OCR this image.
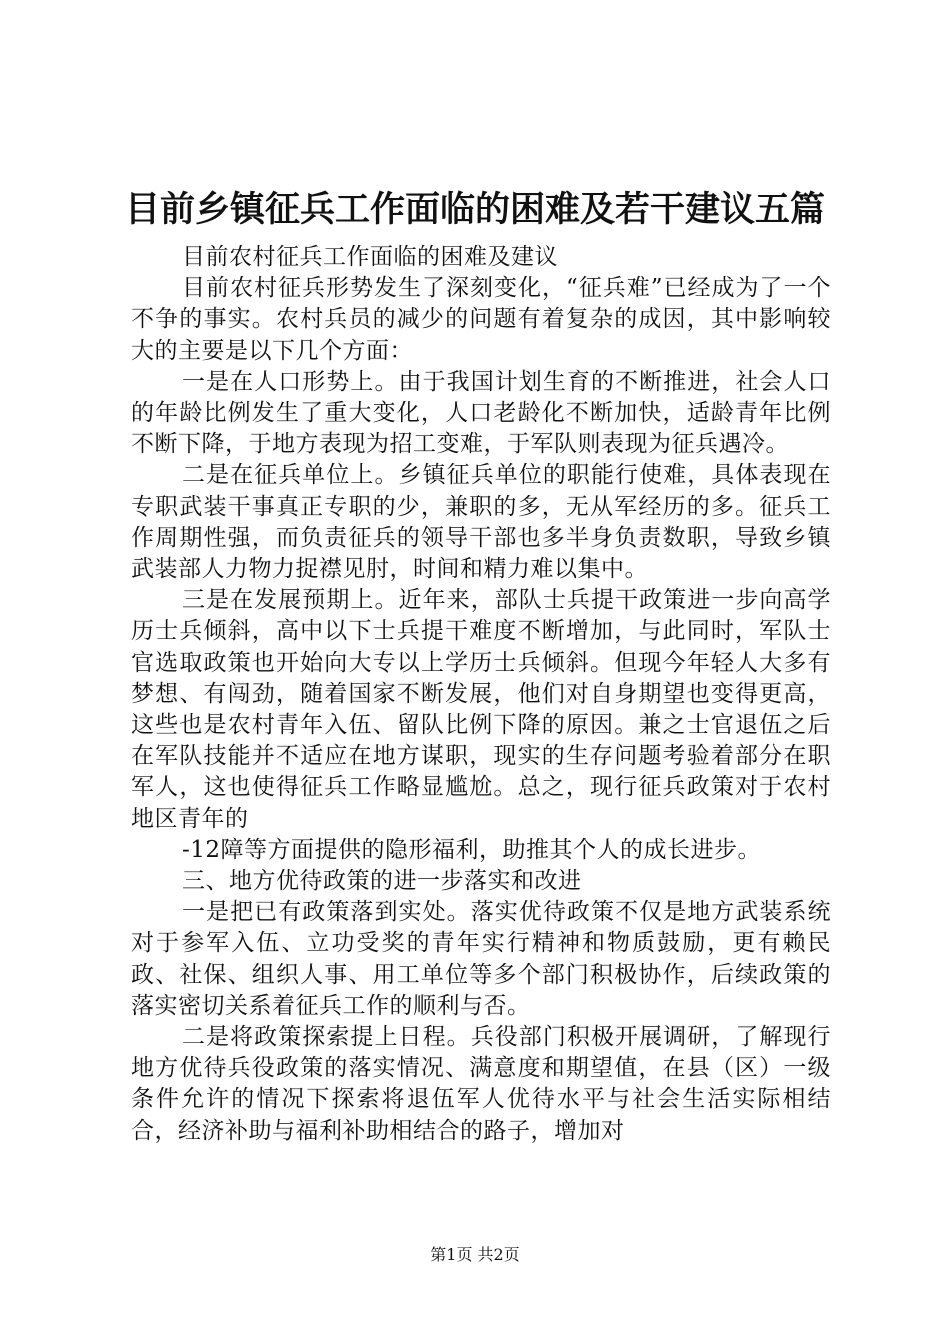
目前乡镇征兵工作面临的困难及若干建议五篇

目前农村征兵工作面临的困难及建议

目前农村征兵形势发生了深刻变化，“征兵难”已经成为了一个不争的事实。农村兵员的减少的问题有着复杂的成因，其中影响较大的主要是以下几个方面：

一是在人口形势上。由于我国计划生育的不断推进，社会人口的年龄比例发生了重大变化，人口老龄化不断加快，适龄青年比例不断下降，于地方表现为招工变难，于军队则表现为征兵遇冷。

二是在征兵单位上。乡镇征兵单位的职能行使难，具体表现在专职武装干事真正专职的少，兼职的多，无从军经历的多。征兵工作周期性强，而负责征兵的领导干部也多半身负责数职，导致乡镇武装部人力物力捉襟见肘，时间和精力难以集中。

三是在发展预期上。近年来，部队士兵提干政策进一步向高学历士兵倾斜，高中以下士兵提干难度不断增加，与此同时，军队士官选取政策也开始向大专以上学历士兵倾斜。但现今年轻人大多有梦想、有闯劲，随着国家不断发展，他们对自身期望也变得更高，这些也是农村青年入伍、留队比例下降的原因。兼之士官退伍之后在军队技能并不适应在地方谋职，现实的生存问题考验着部分在职军人，这也使得征兵工作略显尴尬。总之，现行征兵政策对于农村地区青年的

-12障等方面提供的隐形福利，助推其个人的成长进步。

三、地方优待政策的进一步落实和改进

一是把已有政策落到实处。落实优待政策不仅是地方武装系统对于参军入伍、立功受奖的青年实行精神和物质鼓励，更有赖民政、社保、组织人事、用工单位等多个部门积极协作，后续政策的落实密切关系着征兵工作的顺利与否。

二是将政策探索提上日程。兵役部门积极开展调研，了解现行地方优待兵役政策的落实情况、满意度和期望值，在县（区）一级条件允许的情况下探索将退伍军人优待水平与社会生活实际相结合，经济补助与福利补助相结合的路子，增加对

第1页 共2页
